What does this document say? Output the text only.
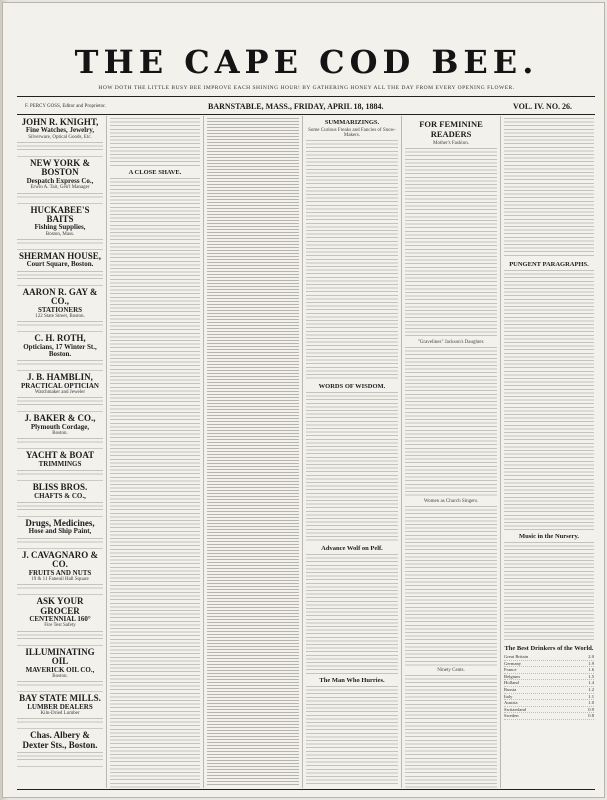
THE CAPE COD BEE.
HOW DOTH THE LITTLE BUSY BEE IMPROVE EACH SHINING HOUR! BY GATHERING HONEY ALL THE DAY FROM EVERY OPENING FLOWER.
F. PERCY GOSS, Editor and Proprietor.	BARNSTABLE, MASS., FRIDAY, APRIL 18, 1884.	VOL. IV. NO. 26.
JOHN R. KNIGHT,
Fine Watches, Jewelry,
Silverware, Optical Goods, Etc.
NEW YORK & BOSTON
Despatch Express Co.,
Erwin A. Tait, Gen'l Manager
HUCKABEE'S BAITS
Fishing Supplies,
Boston, Mass.
SHERMAN HOUSE,
Court Square, Boston.
AARON R. GAY & CO.,
STATIONERS
122 State Street, Boston.
C. H. ROTH,
Opticians, 17 Winter St., Boston.
J. B. HAMBLIN,
PRACTICAL OPTICIAN
Watchmaker and Jeweler
J. BAKER & CO.,
Plymouth Cordage,
Boston.
YACHT & BOAT
TRIMMINGS
BLISS BROS.
CHAFTS & CO.,
Drugs, Medicines,
Hose and Ship Paint,
J. CAVAGNARO & CO.
FRUITS AND NUTS
19 & 11 Faneuil Hall Square
ASK YOUR GROCER
CENTENNIAL 160°
Fire Test Safety
ILLUMINATING OIL
MAVERICK OIL CO.,
Boston.
BAY STATE MILLS.
LUMBER DEALERS
Kiln-Dried Lumber
Chas. Albery & Dexter Sts., Boston.
A CLOSE SHAVE.
SUMMARIZINGS.
Some Curious Freaks and Fancies of Snow-Makers.
WORDS OF WISDOM.
Advance Wolf on Pelf.
The Man Who Hurries.
FOR FEMININE READERS
Mother's Fashion.
"Gravelines" Jackson's Daughter.
Women as Church Singers.
Ninety Cents.
PUNGENT PARAGRAPHS.
Music in the Nursery.
The Best Drinkers of the World.
Great Britain	2.0
Germany	1.9
France	1.6
Belgium	1.5
Holland	1.4
Russia	1.2
Italy	1.1
Austria	1.0
Switzerland	0.9
Sweden	0.8
